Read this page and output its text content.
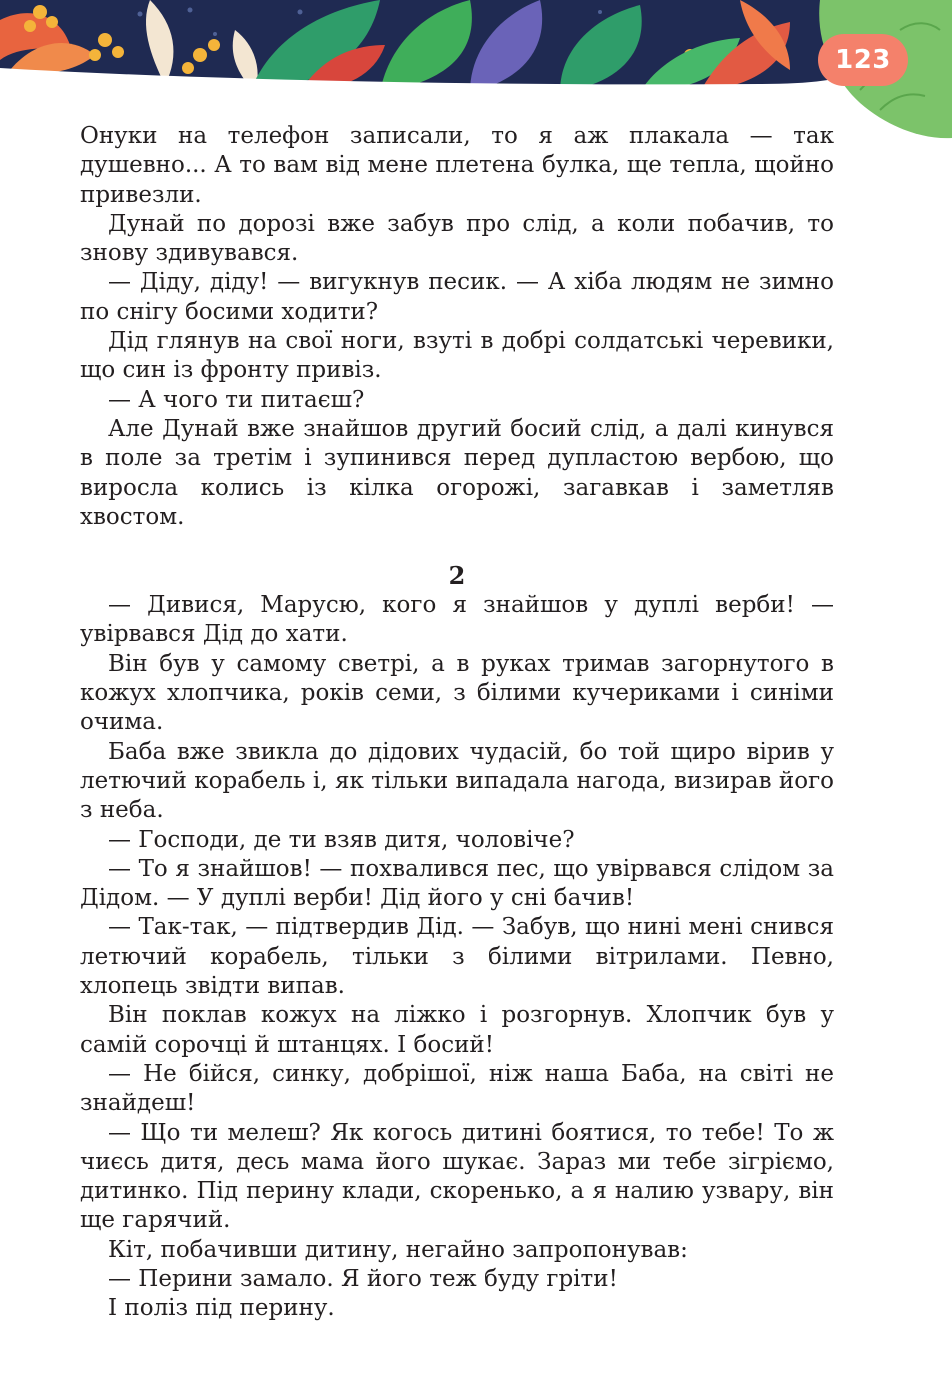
123

Онуки на телефон записали, то я аж плакала — так душевно... А то вам від мене плетена булка, ще тепла, щойно привезли.

Дунай по дорозі вже забув про слід, а коли побачив, то знову здивувався.

— Діду, діду! — вигукнув песик. — А хіба людям не зимно по снігу босими ходити?

Дід глянув на свої ноги, взуті в добрі солдатські черевики, що син із фронту привіз.

— А чого ти питаєш?

Але Дунай вже знайшов другий босий слід, а далі кинувся в поле за третім і зупинився перед дупластою вербою, що виросла колись із кілка огорожі, загавкав і заметляв хвостом.

2

— Дивися, Марусю, кого я знайшов у дуплі верби! — увірвався Дід до хати.

Він був у самому светрі, а в руках тримав загорнутого в кожух хлопчика, років семи, з білими кучериками і синіми очима.

Баба вже звикла до дідових чудасій, бо той щиро вірив у летючий корабель і, як тільки випадала нагода, визирав його з неба.

— Господи, де ти взяв дитя, чоловіче?

— То я знайшов! — похвалився пес, що увірвався слідом за Дідом. — У дуплі верби! Дід його у сні бачив!

— Так-так, — підтвердив Дід. — Забув, що нині мені снився летючий корабель, тільки з білими вітрилами. Певно, хлопець звідти випав.

Він поклав кожух на ліжко і розгорнув. Хлопчик був у самій сорочці й штанцях. І босий!

— Не бійся, синку, добрішої, ніж наша Баба, на світі не знайдеш!

— Що ти мелеш? Як когось дитині боятися, то тебе! То ж чиєсь дитя, десь мама його шукає. Зараз ми тебе зігріємо, дитинко. Під перину клади, скоренько, а я налию узвару, він ще гарячий.

Кіт, побачивши дитину, негайно запропонував:

— Перини замало. Я його теж буду гріти!

І поліз під перину.
